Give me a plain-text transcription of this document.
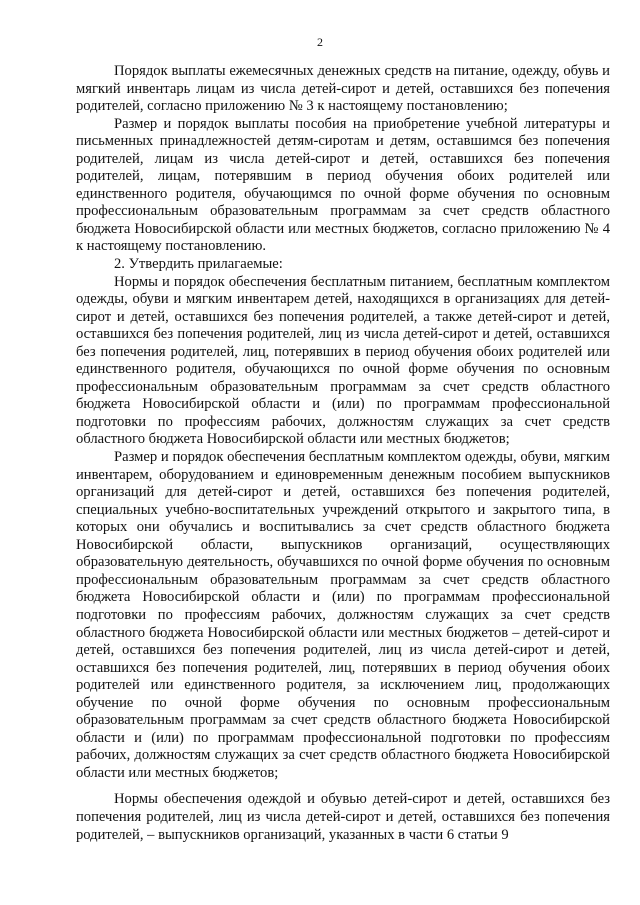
2

Порядок выплаты ежемесячных денежных средств на питание, одежду, обувь и мягкий инвентарь лицам из числа детей-сирот и детей, оставшихся без попечения родителей, согласно приложению № 3 к настоящему постановлению;

Размер и порядок выплаты пособия на приобретение учебной литературы и письменных принадлежностей детям-сиротам и детям, оставшимся без попечения родителей, лицам из числа детей-сирот и детей, оставшихся без попечения родителей, лицам, потерявшим в период обучения обоих родителей или единственного родителя, обучающимся по очной форме обучения по основным профессиональным образовательным программам за счет средств областного бюджета Новосибирской области или местных бюджетов, согласно приложению № 4 к настоящему постановлению.

2. Утвердить прилагаемые:

Нормы и порядок обеспечения бесплатным питанием, бесплатным комплектом одежды, обуви и мягким инвентарем детей, находящихся в организациях для детей-сирот и детей, оставшихся без попечения родителей, а также детей-сирот и детей, оставшихся без попечения родителей, лиц из числа детей-сирот и детей, оставшихся без попечения родителей, лиц, потерявших в период обучения обоих родителей или единственного родителя, обучающихся по очной форме обучения по основным профессиональным образовательным программам за счет средств областного бюджета Новосибирской области и (или) по программам профессиональной подготовки по профессиям рабочих, должностям служащих за счет средств областного бюджета Новосибирской области или местных бюджетов;

Размер и порядок обеспечения бесплатным комплектом одежды, обуви, мягким инвентарем, оборудованием и единовременным денежным пособием выпускников организаций для детей-сирот и детей, оставшихся без попечения родителей, специальных учебно-воспитательных учреждений открытого и закрытого типа, в которых они обучались и воспитывались за счет средств областного бюджета Новосибирской области, выпускников организаций, осуществляющих образовательную деятельность, обучавшихся по очной форме обучения по основным профессиональным образовательным программам за счет средств областного бюджета Новосибирской области и (или) по программам профессиональной подготовки по профессиям рабочих, должностям служащих за счет средств областного бюджета Новосибирской области или местных бюджетов – детей-сирот и детей, оставшихся без попечения родителей, лиц из числа детей-сирот и детей, оставшихся без попечения родителей, лиц, потерявших в период обучения обоих родителей или единственного родителя, за исключением лиц, продолжающих обучение по очной форме обучения по основным профессиональным образовательным программам за счет средств областного бюджета Новосибирской области и (или) по программам профессиональной подготовки по профессиям рабочих, должностям служащих за счет средств областного бюджета Новосибирской области или местных бюджетов;

Нормы обеспечения одеждой и обувью детей-сирот и детей, оставшихся без попечения родителей, лиц из числа детей-сирот и детей, оставшихся без попечения родителей, – выпускников организаций, указанных в части 6 статьи 9
